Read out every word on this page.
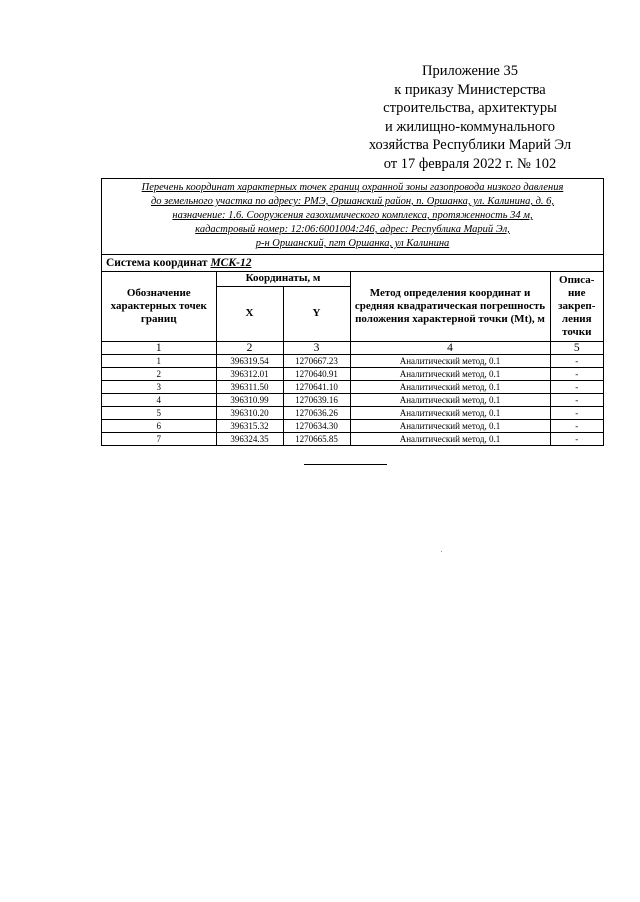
Приложение 35
к приказу Министерства
строительства, архитектуры
и жилищно-коммунального
хозяйства Республики Марий Эл
от 17 февраля 2022 г. № 102
Перечень координат характерных точек границ охранной зоны газопровода низкого давления
до земельного участка по адресу: РМЭ, Оршанский район, п. Оршанка, ул. Калинина, д. 6,
назначение: 1.6. Сооружения газохимического комплекса, протяженность 34 м,
кадастровый номер: 12:06:6001004:246, адрес: Республика Марий Эл,
р-н Оршанский, пгт Оршанка, ул Калинина
Система координат МСК-12
Обозначение характерных точек границ	Координаты, м		Метод определения координат и средняя квадратическая погрешность положения характерной точки (Mt), м	Описа-ние закреп-ления точки
	X	Y		
1	2	3	4	5
1	396319.54	1270667.23	Аналитический метод, 0.1	-
2	396312.01	1270640.91	Аналитический метод, 0.1	-
3	396311.50	1270641.10	Аналитический метод, 0.1	-
4	396310.99	1270639.16	Аналитический метод, 0.1	-
5	396310.20	1270636.26	Аналитический метод, 0.1	-
6	396315.32	1270634.30	Аналитический метод, 0.1	-
7	396324.35	1270665.85	Аналитический метод, 0.1	-
